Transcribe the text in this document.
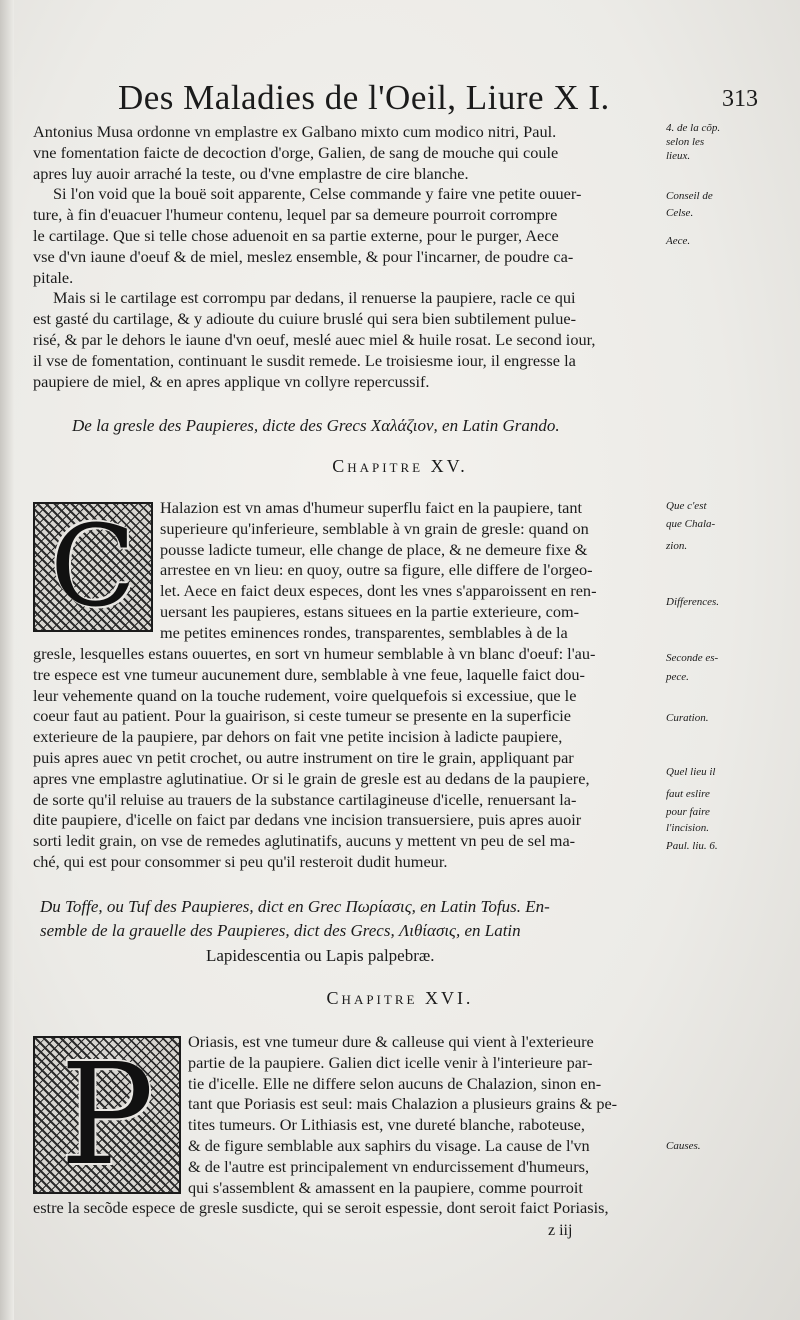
Des Maladies de l'Oeil, Liure X I.	313

Antonius Musa ordonne vn emplastre ex Galbano mixto cum modico nitri, Paul.

vne fomentation faicte de decoction d'orge, Galien, de sang de mouche qui coule

apres luy auoir arraché la teste, ou d'vne emplastre de cire blanche.

Si l'on void que la bouë soit apparente, Celse commande y faire vne petite ouuer-

ture, à fin d'euacuer l'humeur contenu, lequel par sa demeure pourroit corrompre

le cartilage. Que si telle chose aduenoit en sa partie externe, pour le purger, Aece

vse d'vn iaune d'oeuf & de miel, meslez ensemble, & pour l'incarner, de poudre ca-

pitale.

Mais si le cartilage est corrompu par dedans, il renuerse la paupiere, racle ce qui

est gasté du cartilage, & y adioute du cuiure bruslé qui sera bien subtilement pulue-

risé, & par le dehors le iaune d'vn oeuf, meslé auec miel & huile rosat. Le second iour,

il vse de fomentation, continuant le susdit remede. Le troisiesme iour, il engresse la

paupiere de miel, & en apres applique vn collyre repercussif.

4. de la cõp.
selon les
lieux.
Conseil de
Celse.
Aece.
De la gresle des Paupieres, dicte des Grecs Χαλάζιον, en Latin Grando.
Chapitre XV.
C	Halazion est vn amas d'humeur superflu faict en la paupiere, tant
superieure qu'inferieure, semblable à vn grain de gresle: quand on
pousse ladicte tumeur, elle change de place, & ne demeure fixe &
arrestee en vn lieu: en quoy, outre sa figure, elle differe de l'orgeo-
let. Aece en faict deux especes, dont les vnes s'apparoissent en ren-
uersant les paupieres, estans situees en la partie exterieure, com-
me petites eminences rondes, transparentes, semblables à de la

gresle, lesquelles estans ouuertes, en sort vn humeur semblable à vn blanc d'oeuf: l'au-

tre espece est vne tumeur aucunement dure, semblable à vne feue, laquelle faict dou-

leur vehemente quand on la touche rudement, voire quelquefois si excessiue, que le

coeur faut au patient. Pour la guairison, si ceste tumeur se presente en la superficie

exterieure de la paupiere, par dehors on fait vne petite incision à ladicte paupiere,

puis apres auec vn petit crochet, ou autre instrument on tire le grain, appliquant par

apres vne emplastre aglutinatiue. Or si le grain de gresle est au dedans de la paupiere,

de sorte qu'il reluise au trauers de la substance cartilagineuse d'icelle, renuersant la-

dite paupiere, d'icelle on faict par dedans vne incision transuersiere, puis apres auoir

sorti ledit grain, on vse de remedes aglutinatifs, aucuns y mettent vn peu de sel ma-

ché, qui est pour consommer si peu qu'il resteroit dudit humeur.

Que c'est
que Chala-
zion.
Differences.
Seconde es-
pece.
Curation.
Quel lieu il
faut eslire
pour faire
l'incision.
Paul. liu. 6.
Du Toffe, ou Tuf des Paupieres, dict en Grec Πωρίασις, en Latin Tofus. En-
semble de la grauelle des Paupieres, dict des Grecs, Λιθίασις, en Latin
Lapidescentia ou Lapis palpebræ.
Chapitre XVI.
P	Oriasis, est vne tumeur dure & calleuse qui vient à l'exterieure
partie de la paupiere. Galien dict icelle venir à l'interieure par-
tie d'icelle. Elle ne differe selon aucuns de Chalazion, sinon en-
tant que Poriasis est seul: mais Chalazion a plusieurs grains & pe-
tites tumeurs. Or Lithiasis est, vne dureté blanche, raboteuse,
& de figure semblable aux saphirs du visage. La cause de l'vn
& de l'autre est principalement vn endurcissement d'humeurs,
qui s'assemblent & amassent en la paupiere, comme pourroit

estre la secõde espece de gresle susdicte, qui se seroit espessie, dont seroit faict Poriasis,

Causes.
z iij
